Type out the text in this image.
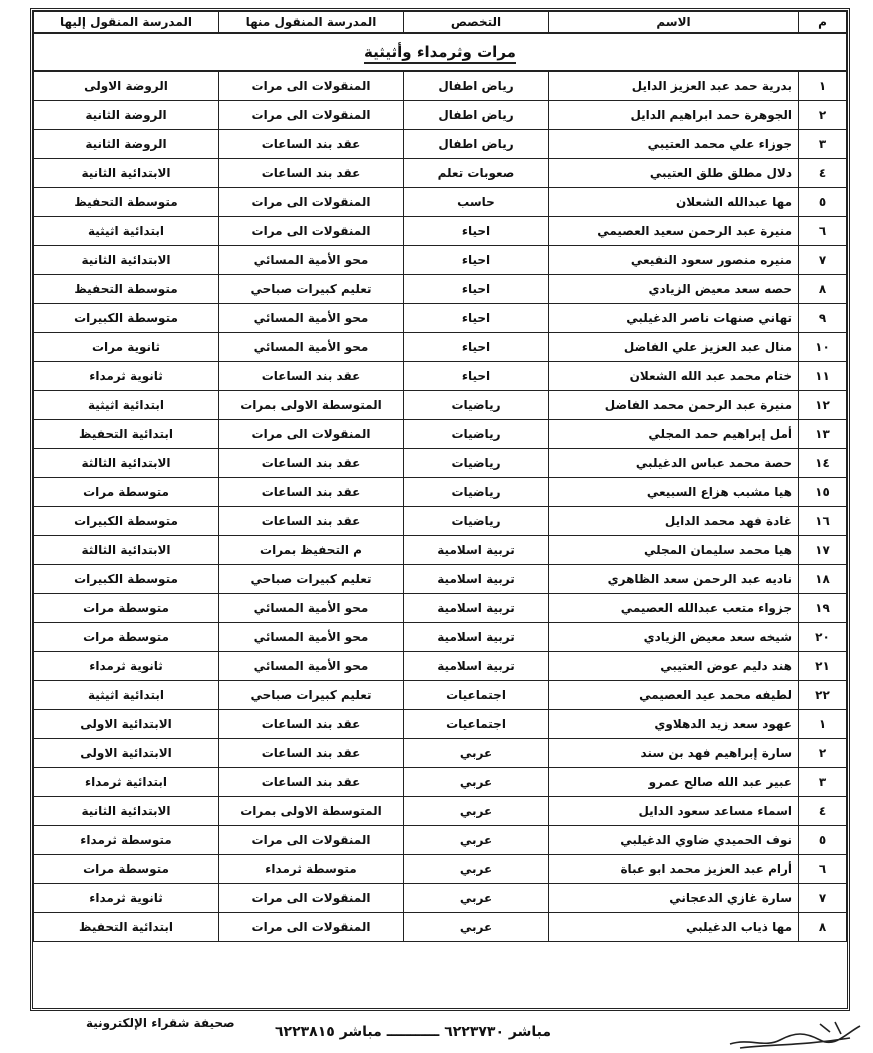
م	الاسم	التخصص	المدرسة المنقول منها	المدرسة المنقول إليها
مرات وثرمداء وأثيثية				
١	بدرية حمد عبد العزيز الدايل	رياض اطفال	المنقولات الى مرات	الروضة الاولى
٢	الجوهرة حمد ابراهيم الدايل	رياض اطفال	المنقولات الى مرات	الروضة الثانية
٣	جوزاء علي محمد العتيبي	رياض اطفال	عقد بند الساعات	الروضة الثانية
٤	دلال مطلق طلق العتيبي	صعوبات تعلم	عقد بند الساعات	الابتدائية الثانية
٥	مها عبدالله الشعلان	حاسب	المنقولات الى مرات	متوسطة التحفيظ
٦	منيرة عبد الرحمن سعيد العصيمي	احياء	المنقولات الى مرات	ابتدائية اثيثية
٧	منيره منصور سعود النفيعي	احياء	محو الأمية المسائي	الابتدائية الثانية
٨	حصه سعد معيض الزيادي	احياء	تعليم كبيرات صباحي	متوسطة التحفيظ
٩	تهاني صنهات ناصر الدغيلبي	احياء	محو الأمية المسائي	متوسطة الكبيرات
١٠	منال عبد العزيز علي الفاضل	احياء	محو الأمية المسائي	ثانوية مرات
١١	ختام محمد عبد الله الشعلان	احياء	عقد بند الساعات	ثانوية ثرمداء
١٢	منيرة عبد الرحمن محمد الفاضل	رياضيات	المتوسطة الاولى بمرات	ابتدائية اثيثية
١٣	أمل إبراهيم حمد المجلي	رياضيات	المنقولات الى مرات	ابتدائية التحفيظ
١٤	حصة محمد عباس الدغيلبي	رياضيات	عقد بند الساعات	الابتدائية الثالثة
١٥	هيا مشبب هزاع السبيعي	رياضيات	عقد بند الساعات	متوسطة مرات
١٦	غادة فهد محمد الدايل	رياضيات	عقد بند الساعات	متوسطة الكبيرات
١٧	هيا محمد سليمان المجلي	تربية اسلامية	م التحفيظ بمرات	الابتدائية الثالثة
١٨	ناديه عبد الرحمن سعد الظاهري	تربية اسلامية	تعليم كبيرات صباحي	متوسطة الكبيرات
١٩	جزواء متعب عبدالله العصيمي	تربية اسلامية	محو الأمية المسائي	متوسطة مرات
٢٠	شيخه سعد معيض الزيادي	تربية اسلامية	محو الأمية المسائي	متوسطة مرات
٢١	هند دليم عوض العتيبي	تربية اسلامية	محو الأمية المسائي	ثانوية ثرمداء
٢٢	لطيفه محمد عيد العصيمي	اجتماعيات	تعليم كبيرات صباحي	ابتدائية اثيثية
١	عهود سعد زيد الدهلاوي	اجتماعيات	عقد بند الساعات	الابتدائية الاولى
٢	سارة إبراهيم فهد بن سند	عربي	عقد بند الساعات	الابتدائية الاولى
٣	عبير عبد الله صالح عمرو	عربي	عقد بند الساعات	ابتدائية ثرمداء
٤	اسماء مساعد سعود الدايل	عربي	المتوسطة الاولى بمرات	الابتدائية الثانية
٥	نوف الحميدي ضاوي الدغيلبي	عربي	المنقولات الى مرات	متوسطة ثرمداء
٦	أرام عبد العزيز محمد ابو عباة	عربي	متوسطة ثرمداء	متوسطة مرات
٧	سارة غازي الدعجاني	عربي	المنقولات الى مرات	ثانوية ثرمداء
٨	مها ذياب الدغيلبي	عربي	المنقولات الى مرات	ابتدائية التحفيظ
صحيفة شقراء الإلكترونية
مباشر ٦٢٢٣٧٣٠ ـــــــــــ مباشر ٦٢٢٣٨١٥
